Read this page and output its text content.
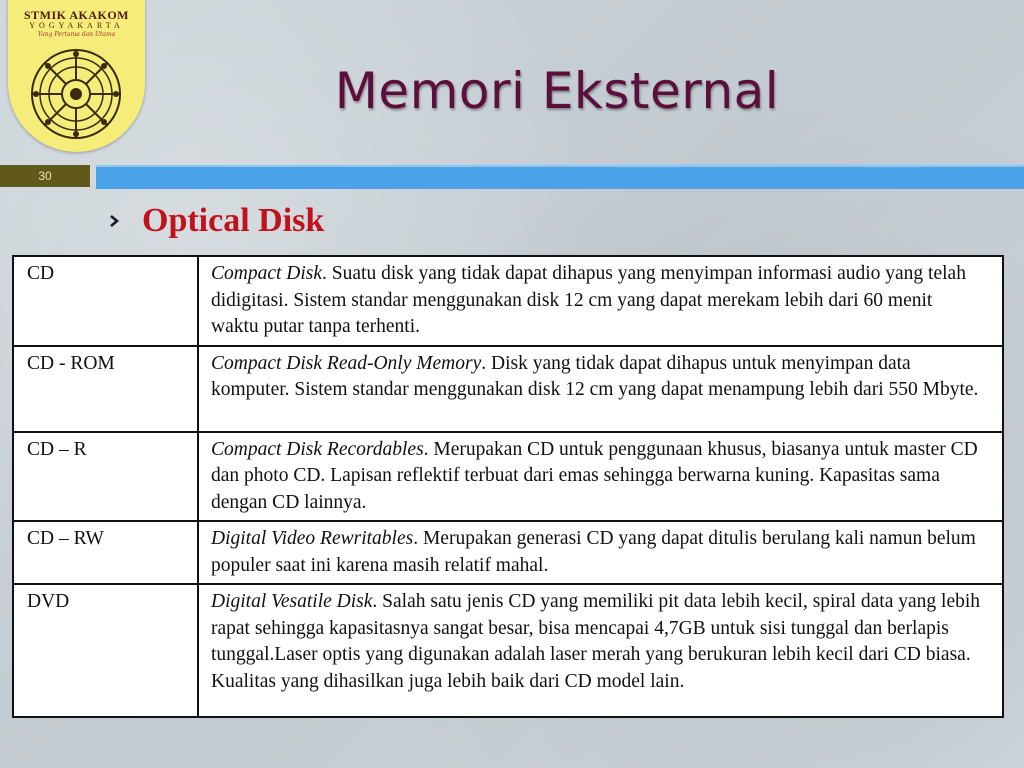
STMIK AKAKOM
YOGYAKARTA
Yang Pertama dan Utama
Memori Eksternal
30
Optical Disk
CD	Compact Disk. Suatu disk yang tidak dapat dihapus yang menyimpan informasi audio yang telah didigitasi. Sistem standar menggunakan disk 12 cm yang dapat merekam lebih dari 60 menit waktu putar tanpa terhenti.
CD - ROM	Compact Disk Read-Only Memory. Disk yang tidak dapat dihapus untuk menyimpan data komputer. Sistem standar menggunakan disk 12 cm yang dapat menampung lebih dari 550 Mbyte.
CD – R	Compact Disk Recordables. Merupakan CD untuk penggunaan khusus, biasanya untuk master CD dan photo CD. Lapisan reflektif terbuat dari emas sehingga berwarna kuning. Kapasitas sama dengan CD lainnya.
CD – RW	Digital Video Rewritables. Merupakan generasi CD yang dapat ditulis berulang kali namun belum populer saat ini karena masih relatif mahal.
DVD	Digital Vesatile Disk. Salah satu jenis CD yang memiliki pit data lebih kecil, spiral data yang lebih rapat sehingga kapasitasnya sangat besar, bisa mencapai 4,7GB untuk sisi tunggal dan berlapis tunggal.Laser optis yang digunakan adalah laser merah yang berukuran lebih kecil dari CD biasa. Kualitas yang dihasilkan juga lebih baik dari CD model lain.
